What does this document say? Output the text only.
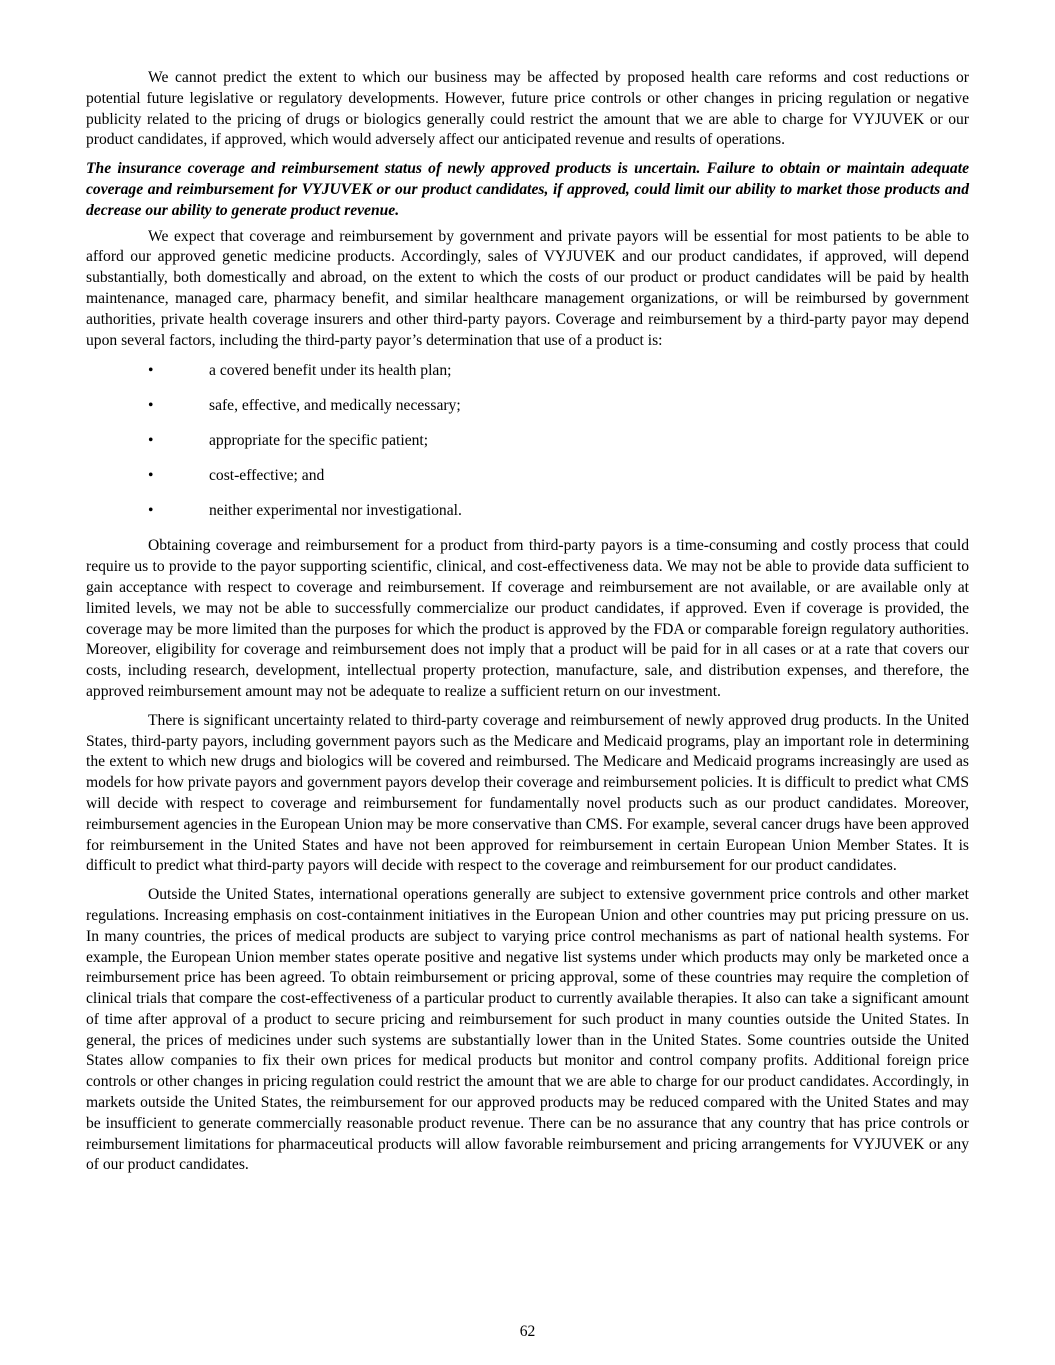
We cannot predict the extent to which our business may be affected by proposed health care reforms and cost reductions or potential future legislative or regulatory developments. However, future price controls or other changes in pricing regulation or negative publicity related to the pricing of drugs or biologics generally could restrict the amount that we are able to charge for VYJUVEK or our product candidates, if approved, which would adversely affect our anticipated revenue and results of operations.

The insurance coverage and reimbursement status of newly approved products is uncertain. Failure to obtain or maintain adequate coverage and reimbursement for VYJUVEK or our product candidates, if approved, could limit our ability to market those products and decrease our ability to generate product revenue.

We expect that coverage and reimbursement by government and private payors will be essential for most patients to be able to afford our approved genetic medicine products. Accordingly, sales of VYJUVEK and our product candidates, if approved, will depend substantially, both domestically and abroad, on the extent to which the costs of our product or product candidates will be paid by health maintenance, managed care, pharmacy benefit, and similar healthcare management organizations, or will be reimbursed by government authorities, private health coverage insurers and other third-party payors. Coverage and reimbursement by a third-party payor may depend upon several factors, including the third-party payor’s determination that use of a product is:

•	a covered benefit under its health plan;
•	safe, effective, and medically necessary;
•	appropriate for the specific patient;
•	cost-effective; and
•	neither experimental nor investigational.

Obtaining coverage and reimbursement for a product from third-party payors is a time-consuming and costly process that could require us to provide to the payor supporting scientific, clinical, and cost-effectiveness data. We may not be able to provide data sufficient to gain acceptance with respect to coverage and reimbursement. If coverage and reimbursement are not available, or are available only at limited levels, we may not be able to successfully commercialize our product candidates, if approved. Even if coverage is provided, the coverage may be more limited than the purposes for which the product is approved by the FDA or comparable foreign regulatory authorities. Moreover, eligibility for coverage and reimbursement does not imply that a product will be paid for in all cases or at a rate that covers our costs, including research, development, intellectual property protection, manufacture, sale, and distribution expenses, and therefore, the approved reimbursement amount may not be adequate to realize a sufficient return on our investment.

There is significant uncertainty related to third-party coverage and reimbursement of newly approved drug products. In the United States, third-party payors, including government payors such as the Medicare and Medicaid programs, play an important role in determining the extent to which new drugs and biologics will be covered and reimbursed. The Medicare and Medicaid programs increasingly are used as models for how private payors and government payors develop their coverage and reimbursement policies. It is difficult to predict what CMS will decide with respect to coverage and reimbursement for fundamentally novel products such as our product candidates. Moreover, reimbursement agencies in the European Union may be more conservative than CMS. For example, several cancer drugs have been approved for reimbursement in the United States and have not been approved for reimbursement in certain European Union Member States. It is difficult to predict what third-party payors will decide with respect to the coverage and reimbursement for our product candidates.

Outside the United States, international operations generally are subject to extensive government price controls and other market regulations. Increasing emphasis on cost-containment initiatives in the European Union and other countries may put pricing pressure on us. In many countries, the prices of medical products are subject to varying price control mechanisms as part of national health systems. For example, the European Union member states operate positive and negative list systems under which products may only be marketed once a reimbursement price has been agreed. To obtain reimbursement or pricing approval, some of these countries may require the completion of clinical trials that compare the cost-effectiveness of a particular product to currently available therapies. It also can take a significant amount of time after approval of a product to secure pricing and reimbursement for such product in many counties outside the United States. In general, the prices of medicines under such systems are substantially lower than in the United States. Some countries outside the United States allow companies to fix their own prices for medical products but monitor and control company profits. Additional foreign price controls or other changes in pricing regulation could restrict the amount that we are able to charge for our product candidates. Accordingly, in markets outside the United States, the reimbursement for our approved products may be reduced compared with the United States and may be insufficient to generate commercially reasonable product revenue. There can be no assurance that any country that has price controls or reimbursement limitations for pharmaceutical products will allow favorable reimbursement and pricing arrangements for VYJUVEK or any of our product candidates.

62
